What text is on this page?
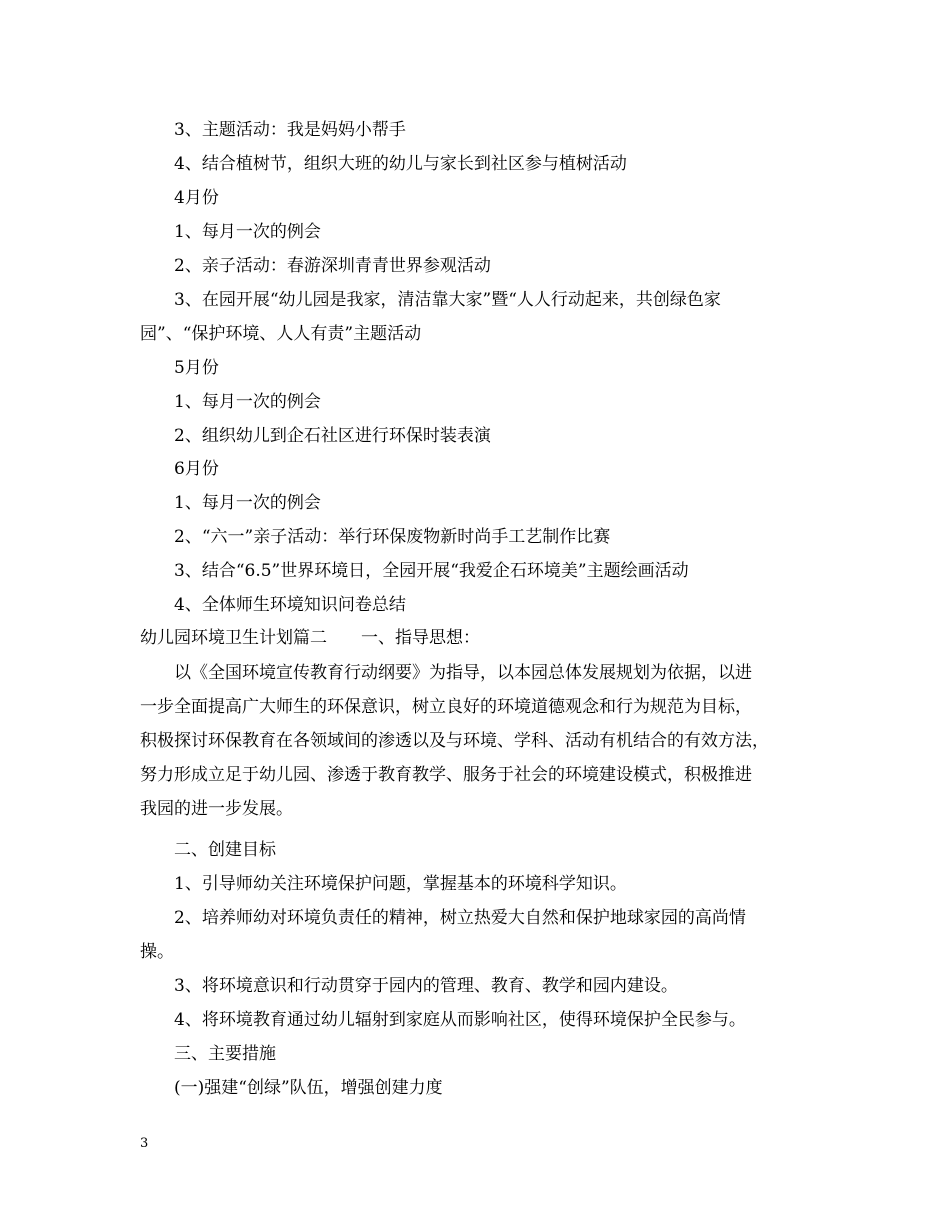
3、主题活动：我是妈妈小帮手
4、结合植树节，组织大班的幼儿与家长到社区参与植树活动
4月份
1、每月一次的例会
2、亲子活动：春游深圳青青世界参观活动
3、在园开展“幼儿园是我家，清洁靠大家”暨“人人行动起来，共创绿色家
园”、“保护环境、人人有责”主题活动
5月份
1、每月一次的例会
2、组织幼儿到企石社区进行环保时装表演
6月份
1、每月一次的例会
2、“六一”亲子活动：举行环保废物新时尚手工艺制作比赛
3、结合“6.5”世界环境日，全园开展“我爱企石环境美”主题绘画活动
4、全体师生环境知识问卷总结
幼儿园环境卫生计划篇二　　一、指导思想：
以《全国环境宣传教育行动纲要》为指导，以本园总体发展规划为依据，以进
一步全面提高广大师生的环保意识，树立良好的环境道德观念和行为规范为目标，
积极探讨环保教育在各领域间的渗透以及与环境、学科、活动有机结合的有效方法，
努力形成立足于幼儿园、渗透于教育教学、服务于社会的环境建设模式，积极推进
我园的进一步发展。
二、创建目标
1、引导师幼关注环境保护问题，掌握基本的环境科学知识。
2、培养师幼对环境负责任的精神，树立热爱大自然和保护地球家园的高尚情
操。
3、将环境意识和行动贯穿于园内的管理、教育、教学和园内建设。
4、将环境教育通过幼儿辐射到家庭从而影响社区，使得环境保护全民参与。
三、主要措施
(一)强建“创绿”队伍，增强创建力度
3
